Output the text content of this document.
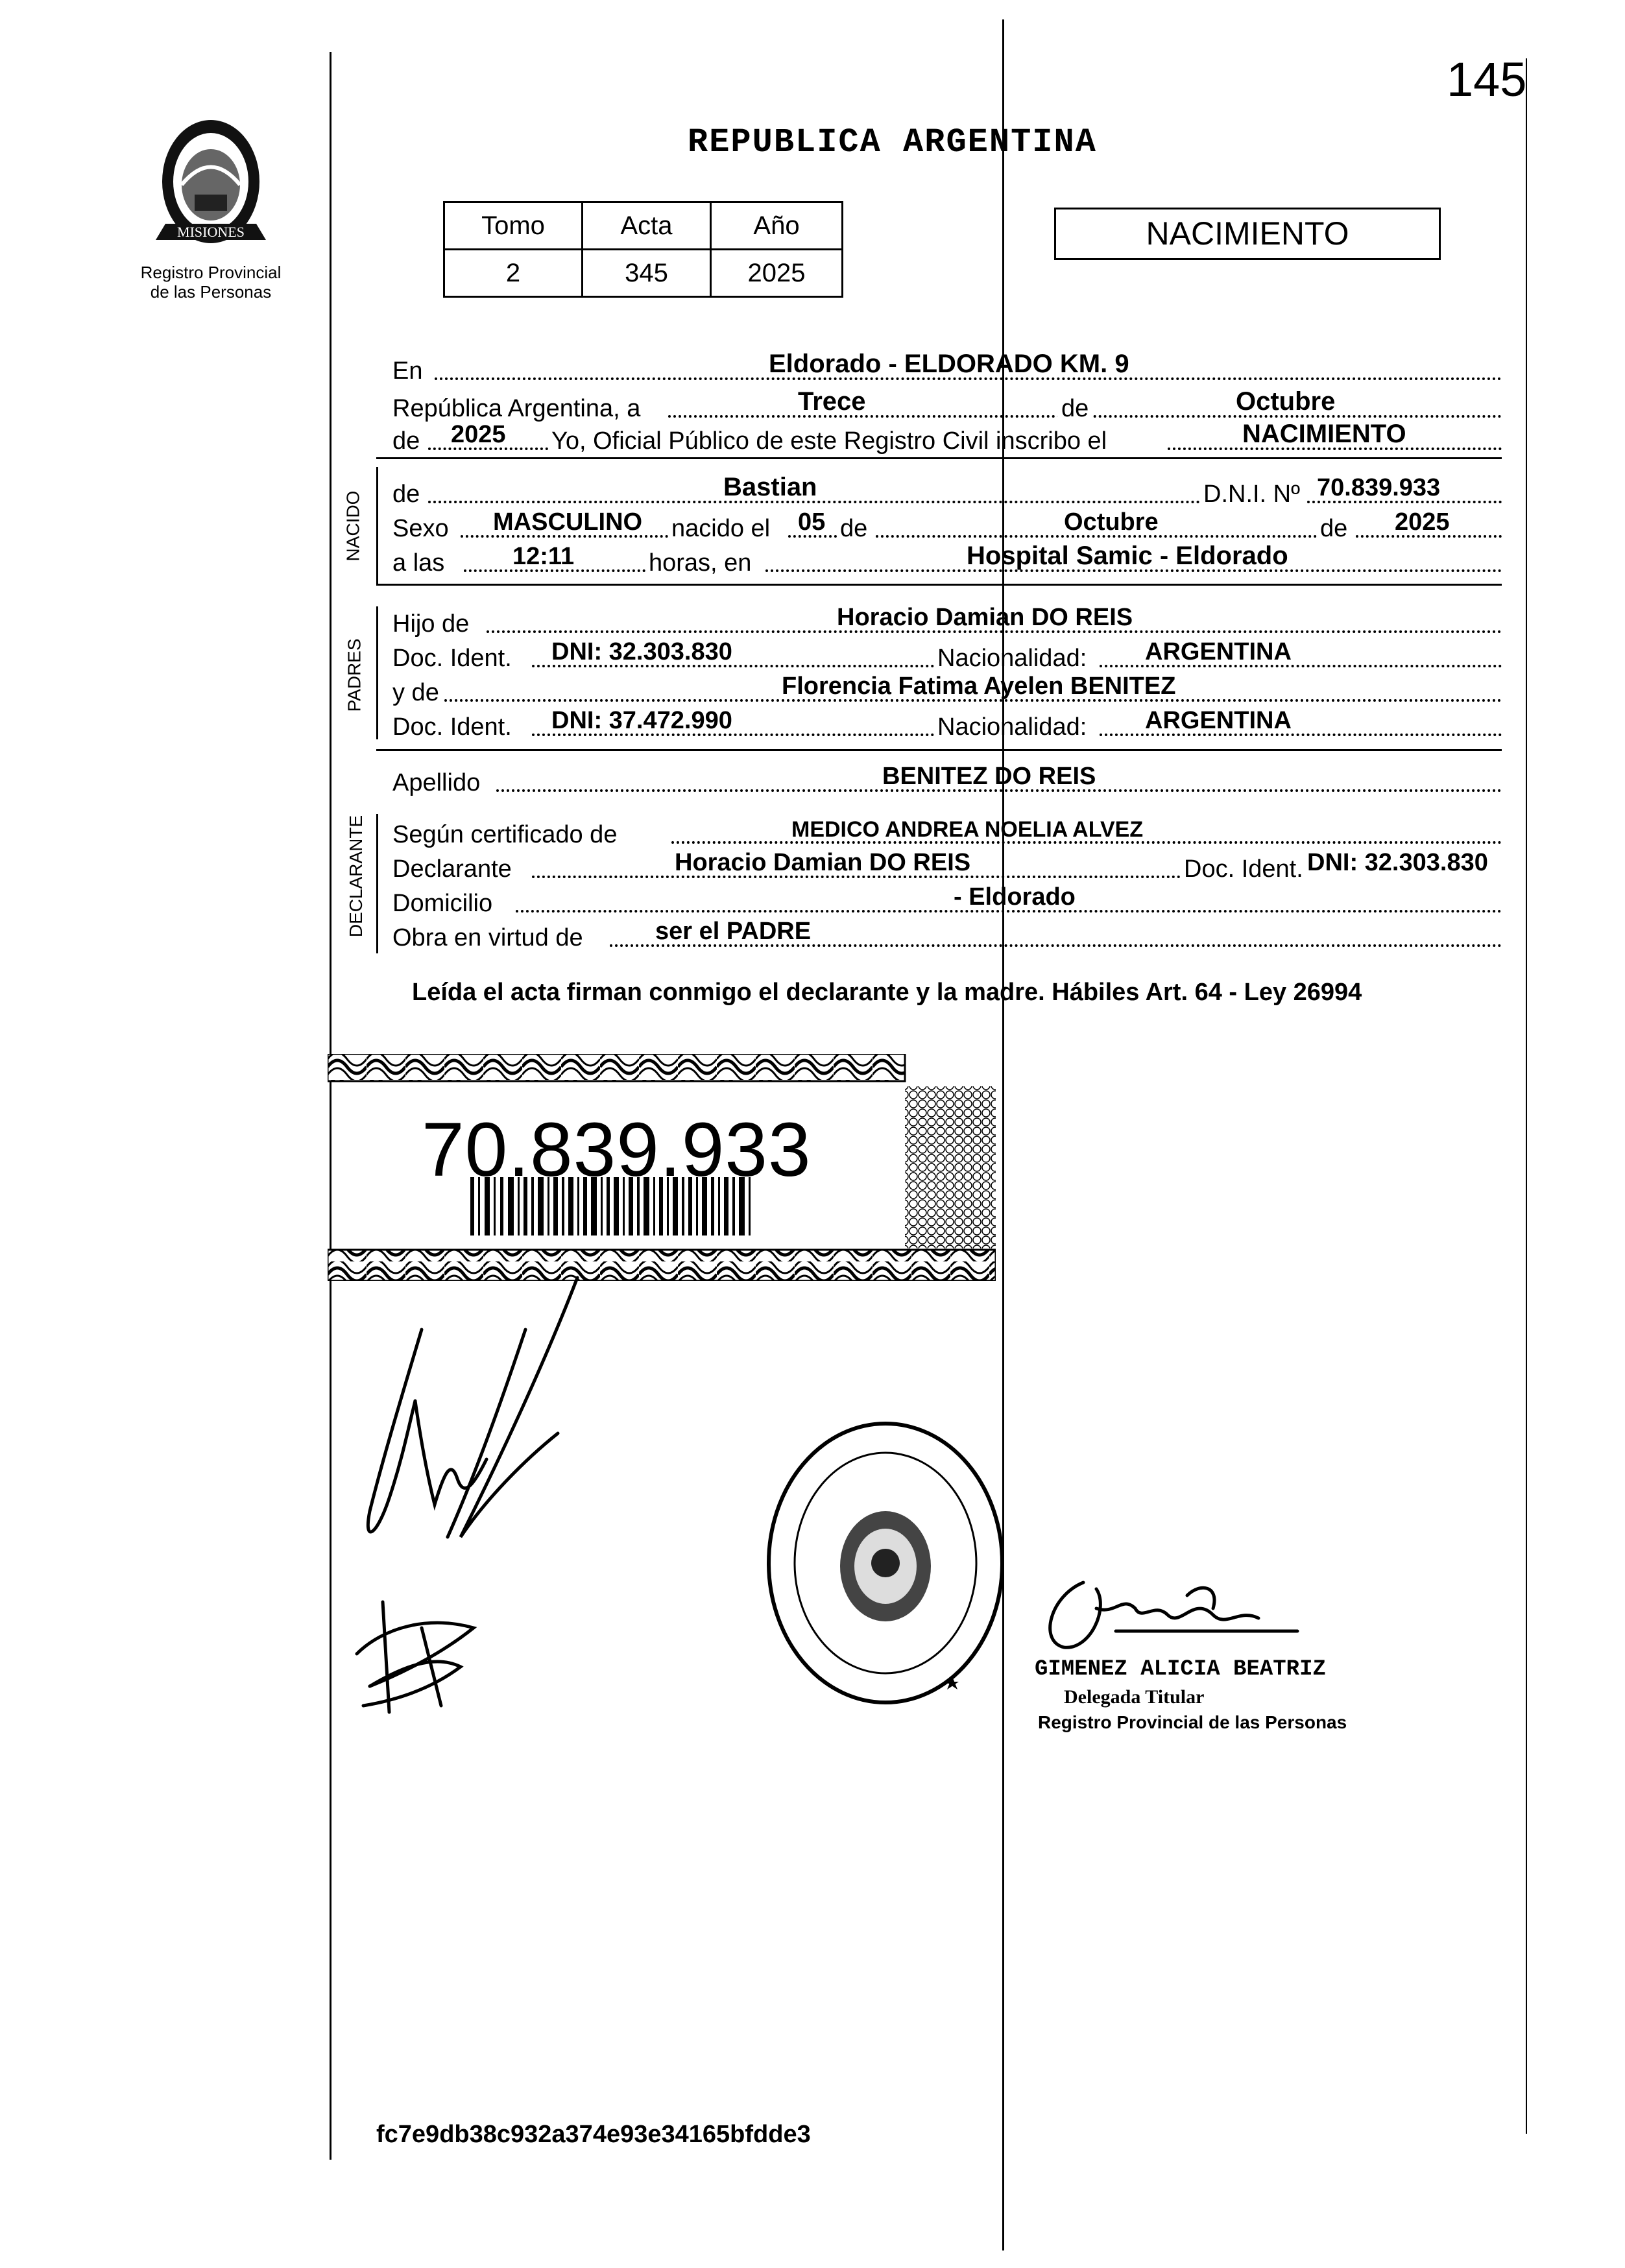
145
MISIONES
Registro Provincial
de las Personas
REPUBLICA ARGENTINA
Tomo	Acta	Año
2	345	2025
NACIMIENTO
En	Eldorado - ELDORADO KM. 9
República Argentina, a	Trece	de	Octubre
de 2025 Yo, Oficial Público de este Registro Civil inscribo el	NACIMIENTO
NACIDO de	Bastian	D.N.I. Nº 70.839.933
Sexo MASCULINO nacido el 05 de	Octubre	de 2025
a las	12:11	horas, en	Hospital Samic - Eldorado
PADRES
Hijo de	Horacio Damian DO REIS
Doc. Ident. DNI: 32.303.830	Nacionalidad: ARGENTINA
y de	Florencia Fatima Ayelen BENITEZ
Doc. Ident. DNI: 37.472.990	Nacionalidad: ARGENTINA
Apellido	BENITEZ DO REIS
DECLARANTE Según certificado de	MEDICO ANDREA NOELIA ALVEZ
Declarante	Horacio Damian DO REIS	Doc. Ident. DNI: 32.303.830
Domicilio	- Eldorado
Obra en virtud de	ser el PADRE
Leída el acta firman conmigo el declarante y la madre. Hábiles Art. 64 - Ley 26994
70.839.933
GIMENEZ ALICIA BEATRIZ
Delegada Titular
Registro Provincial de las Personas
fc7e9db38c932a374e93e34165bfdde3
